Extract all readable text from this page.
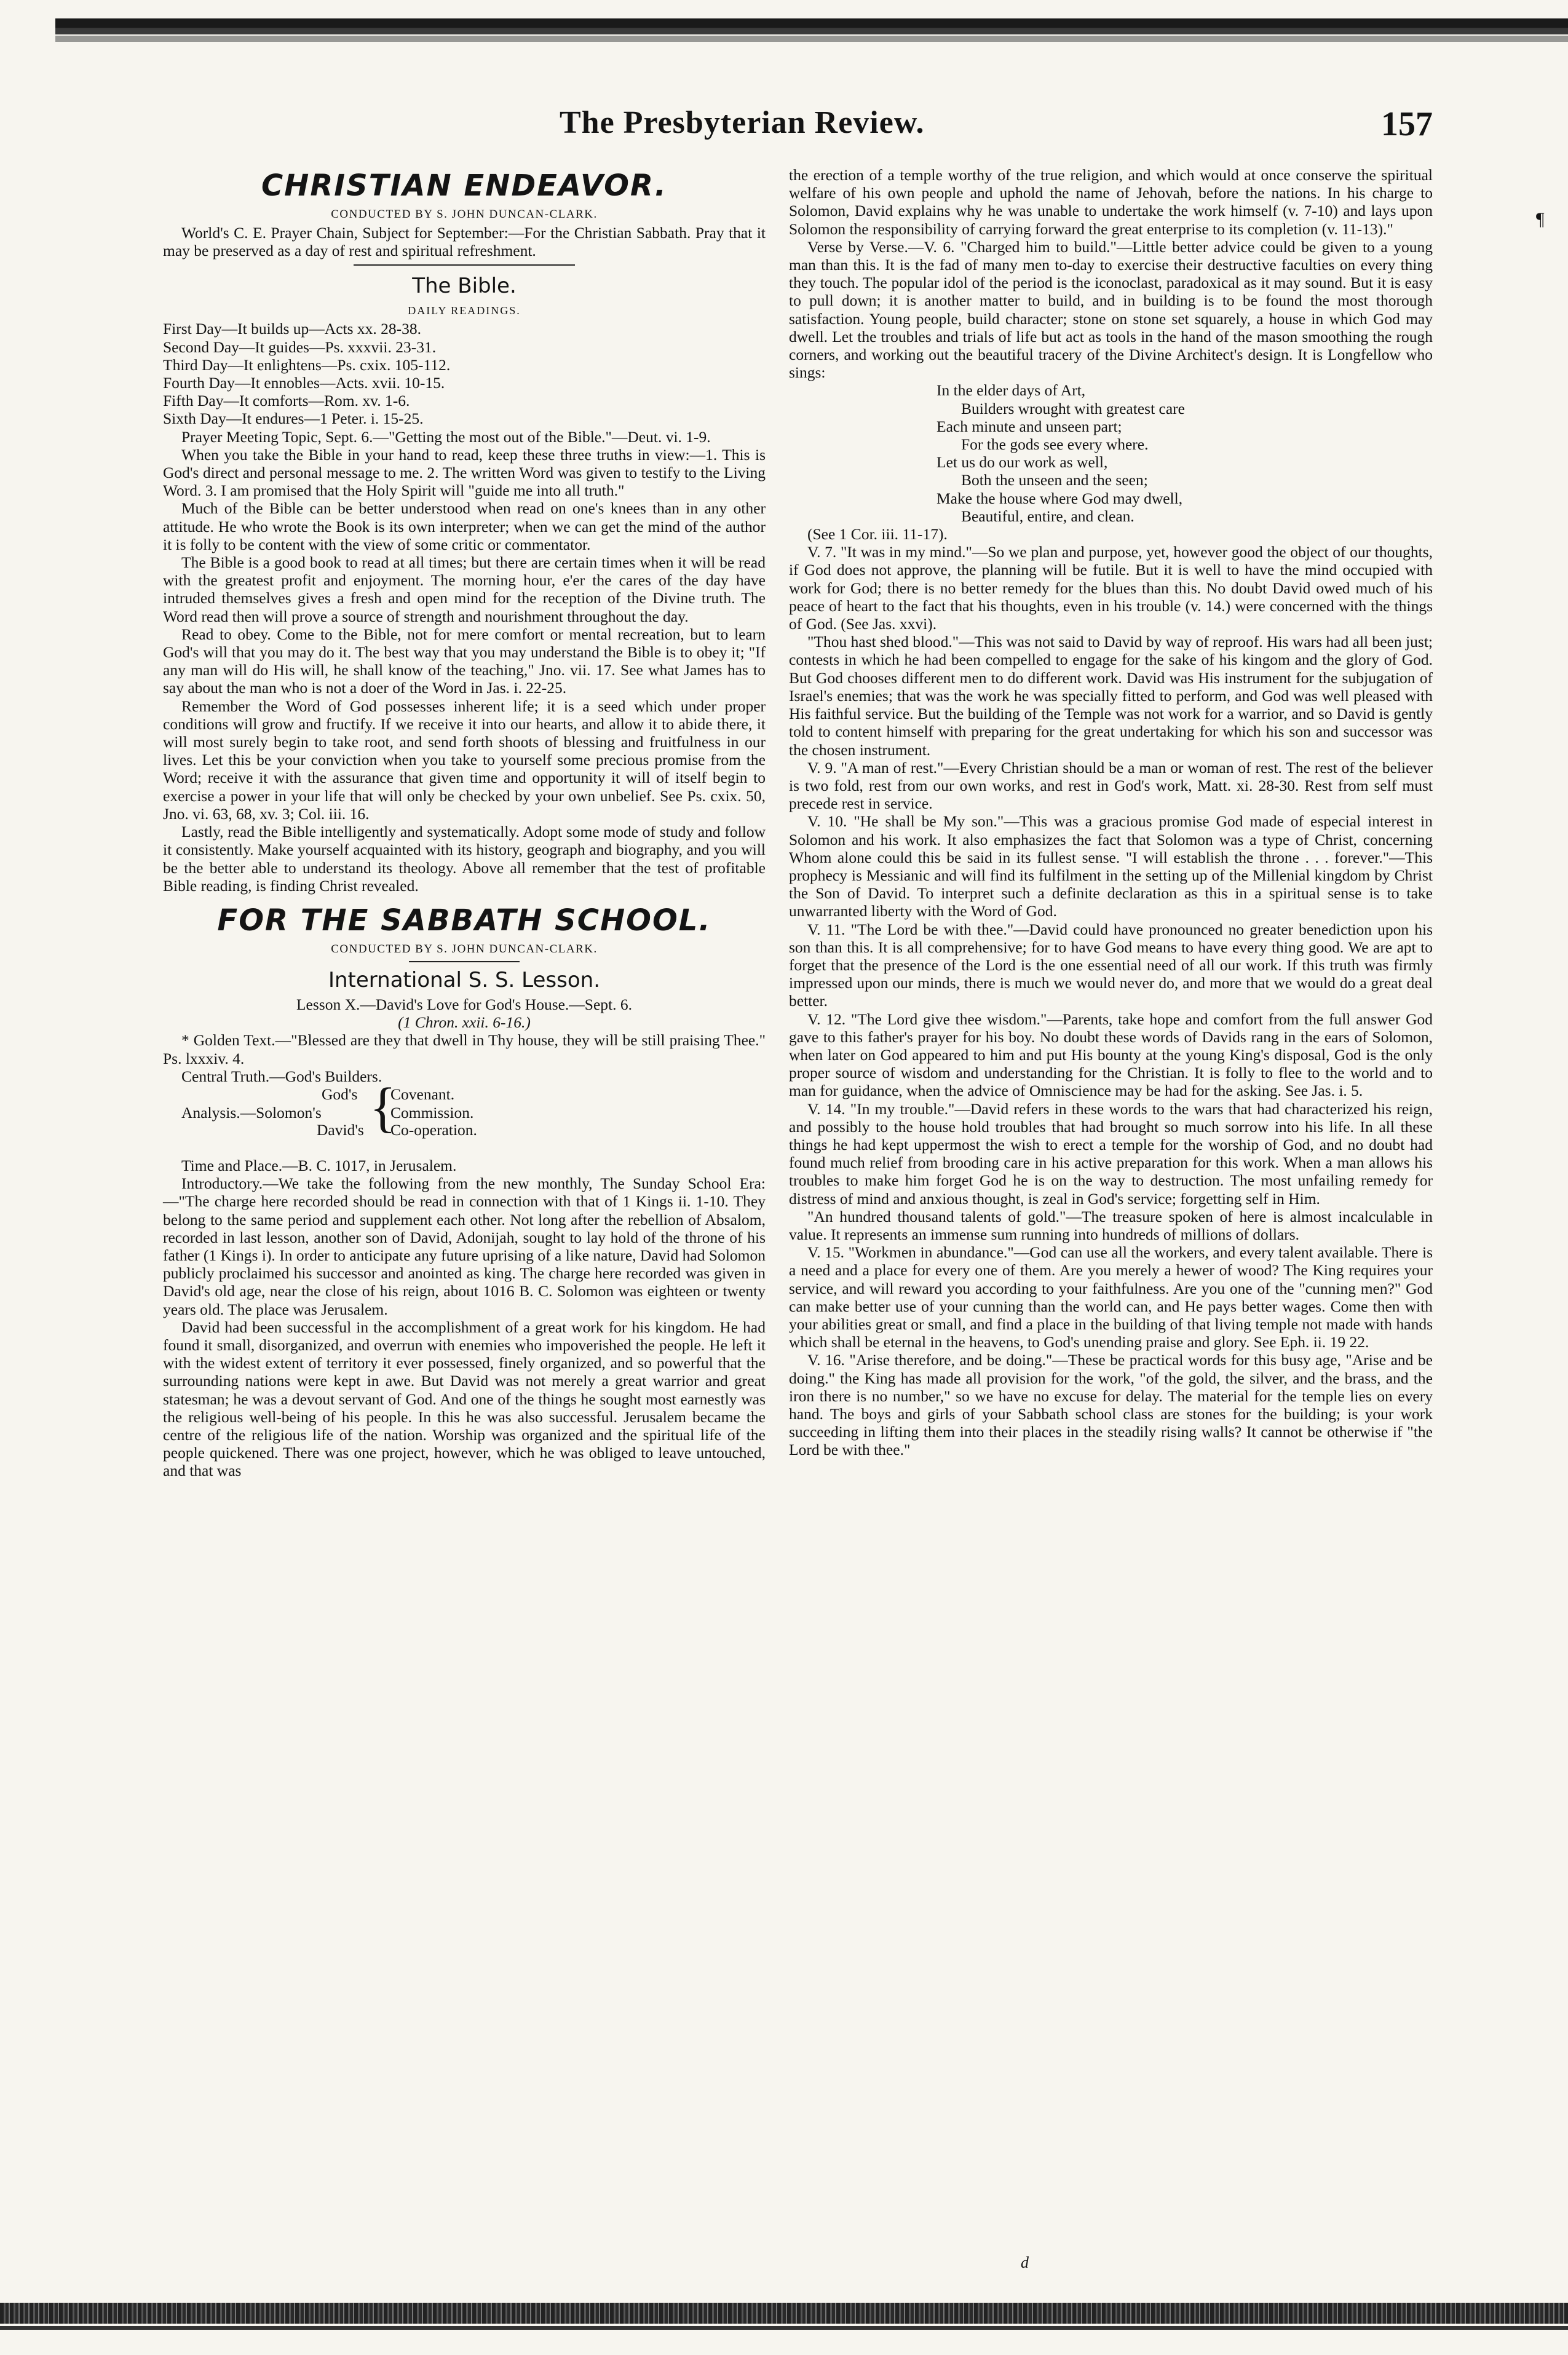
The Presbyterian Review.	157
¶
CHRISTIAN ENDEAVOR.
CONDUCTED BY S. JOHN DUNCAN-CLARK.

World's C. E. Prayer Chain, Subject for September:—For the Christian Sabbath. Pray that it may be preserved as a day of rest and spiritual refreshment.

The Bible.
DAILY READINGS.

First Day—It builds up—Acts xx. 28-38.

Second Day—It guides—Ps. xxxvii. 23-31.

Third Day—It enlightens—Ps. cxix. 105-112.

Fourth Day—It ennobles—Acts. xvii. 10-15.

Fifth Day—It comforts—Rom. xv. 1-6.

Sixth Day—It endures—1 Peter. i. 15-25.

Prayer Meeting Topic, Sept. 6.—"Getting the most out of the Bible."—Deut. vi. 1-9.

When you take the Bible in your hand to read, keep these three truths in view:—1. This is God's direct and personal message to me. 2. The written Word was given to testify to the Living Word. 3. I am promised that the Holy Spirit will "guide me into all truth."

Much of the Bible can be better understood when read on one's knees than in any other attitude. He who wrote the Book is its own interpreter; when we can get the mind of the author it is folly to be content with the view of some critic or commentator.

The Bible is a good book to read at all times; but there are certain times when it will be read with the greatest profit and enjoyment. The morning hour, e'er the cares of the day have intruded themselves gives a fresh and open mind for the reception of the Divine truth. The Word read then will prove a source of strength and nourishment throughout the day.

Read to obey. Come to the Bible, not for mere comfort or mental recreation, but to learn God's will that you may do it. The best way that you may understand the Bible is to obey it; "If any man will do His will, he shall know of the teaching," Jno. vii. 17. See what James has to say about the man who is not a doer of the Word in Jas. i. 22-25.

Remember the Word of God possesses inherent life; it is a seed which under proper conditions will grow and fructify. If we receive it into our hearts, and allow it to abide there, it will most surely begin to take root, and send forth shoots of blessing and fruitfulness in our lives. Let this be your conviction when you take to yourself some precious promise from the Word; receive it with the assurance that given time and opportunity it will of itself begin to exercise a power in your life that will only be checked by your own unbelief. See Ps. cxix. 50, Jno. vi. 63, 68, xv. 3; Col. iii. 16.

Lastly, read the Bible intelligently and systematically. Adopt some mode of study and follow it consistently. Make yourself acquainted with its history, geograph and biography, and you will be the better able to understand its theology. Above all remember that the test of profitable Bible reading, is finding Christ revealed.

FOR THE SABBATH SCHOOL.
CONDUCTED BY S. JOHN DUNCAN-CLARK.
International S. S. Lesson.

Lesson X.—David's Love for God's House.—Sept. 6.

(1 Chron. xxii. 6-16.)

* Golden Text.—"Blessed are they that dwell in Thy house, they will be still praising Thee." Ps. lxxxiv. 4.

Central Truth.—God's Builders.

God's
Analysis.—Solomon's
David's {
Covenant.
Commission.
Co-operation.

Time and Place.—B. C. 1017, in Jerusalem.

Introductory.—We take the following from the new monthly, The Sunday School Era:—"The charge here recorded should be read in connection with that of 1 Kings ii. 1-10. They belong to the same period and supplement each other. Not long after the rebellion of Absalom, recorded in last lesson, another son of David, Adonijah, sought to lay hold of the throne of his father (1 Kings i). In order to anticipate any future uprising of a like nature, David had Solomon publicly proclaimed his successor and anointed as king. The charge here recorded was given in David's old age, near the close of his reign, about 1016 B. C. Solomon was eighteen or twenty years old. The place was Jerusalem.

David had been successful in the accomplishment of a great work for his kingdom. He had found it small, disorganized, and overrun with enemies who impoverished the people. He left it with the widest extent of territory it ever possessed, finely organized, and so powerful that the surrounding nations were kept in awe. But David was not merely a great warrior and great statesman; he was a devout servant of God. And one of the things he sought most earnestly was the religious well-being of his people. In this he was also successful. Jerusalem became the centre of the religious life of the nation. Worship was organized and the spiritual life of the people quickened. There was one project, however, which he was obliged to leave untouched, and that was

the erection of a temple worthy of the true religion, and which would at once conserve the spiritual welfare of his own people and uphold the name of Jehovah, before the nations. In his charge to Solomon, David explains why he was unable to undertake the work himself (v. 7-10) and lays upon Solomon the responsibility of carrying forward the great enterprise to its completion (v. 11-13)."

Verse by Verse.—V. 6. "Charged him to build."—Little better advice could be given to a young man than this. It is the fad of many men to-day to exercise their destructive faculties on every thing they touch. The popular idol of the period is the iconoclast, paradoxical as it may sound. But it is easy to pull down; it is another matter to build, and in building is to be found the most thorough satisfaction. Young people, build character; stone on stone set squarely, a house in which God may dwell. Let the troubles and trials of life but act as tools in the hand of the mason smoothing the rough corners, and working out the beautiful tracery of the Divine Architect's design. It is Longfellow who sings:

In the elder days of Art,
Builders wrought with greatest care
Each minute and unseen part;
For the gods see every where.
Let us do our work as well,
Both the unseen and the seen;
Make the house where God may dwell,
Beautiful, entire, and clean.

(See 1 Cor. iii. 11-17).

V. 7. "It was in my mind."—So we plan and purpose, yet, however good the object of our thoughts, if God does not approve, the planning will be futile. But it is well to have the mind occupied with work for God; there is no better remedy for the blues than this. No doubt David owed much of his peace of heart to the fact that his thoughts, even in his trouble (v. 14.) were concerned with the things of God. (See Jas. xxvi).

"Thou hast shed blood."—This was not said to David by way of reproof. His wars had all been just; contests in which he had been compelled to engage for the sake of his kingom and the glory of God. But God chooses different men to do different work. David was His instrument for the subjugation of Israel's enemies; that was the work he was specially fitted to perform, and God was well pleased with His faithful service. But the building of the Temple was not work for a warrior, and so David is gently told to content himself with preparing for the great undertaking for which his son and successor was the chosen instrument.

V. 9. "A man of rest."—Every Christian should be a man or woman of rest. The rest of the believer is two fold, rest from our own works, and rest in God's work, Matt. xi. 28-30. Rest from self must precede rest in service.

V. 10. "He shall be My son."—This was a gracious promise God made of especial interest in Solomon and his work. It also emphasizes the fact that Solomon was a type of Christ, concerning Whom alone could this be said in its fullest sense. "I will establish the throne . . . forever."—This prophecy is Messianic and will find its fulfilment in the setting up of the Millenial kingdom by Christ the Son of David. To interpret such a definite declaration as this in a spiritual sense is to take unwarranted liberty with the Word of God.

V. 11. "The Lord be with thee."—David could have pronounced no greater benediction upon his son than this. It is all comprehensive; for to have God means to have every thing good. We are apt to forget that the presence of the Lord is the one essential need of all our work. If this truth was firmly impressed upon our minds, there is much we would never do, and more that we would do a great deal better.

V. 12. "The Lord give thee wisdom."—Parents, take hope and comfort from the full answer God gave to this father's prayer for his boy. No doubt these words of Davids rang in the ears of Solomon, when later on God appeared to him and put His bounty at the young King's disposal, God is the only proper source of wisdom and understanding for the Christian. It is folly to flee to the world and to man for guidance, when the advice of Omniscience may be had for the asking. See Jas. i. 5.

V. 14. "In my trouble."—David refers in these words to the wars that had characterized his reign, and possibly to the house hold troubles that had brought so much sorrow into his life. In all these things he had kept uppermost the wish to erect a temple for the worship of God, and no doubt had found much relief from brooding care in his active preparation for this work. When a man allows his troubles to make him forget God he is on the way to destruction. The most unfailing remedy for distress of mind and anxious thought, is zeal in God's service; forgetting self in Him.

"An hundred thousand talents of gold."—The treasure spoken of here is almost incalculable in value. It represents an immense sum running into hundreds of millions of dollars.

V. 15. "Workmen in abundance."—God can use all the workers, and every talent available. There is a need and a place for every one of them. Are you merely a hewer of wood? The King requires your service, and will reward you according to your faithfulness. Are you one of the "cunning men?" God can make better use of your cunning than the world can, and He pays better wages. Come then with your abilities great or small, and find a place in the building of that living temple not made with hands which shall be eternal in the heavens, to God's unending praise and glory. See Eph. ii. 19 22.

V. 16. "Arise therefore, and be doing."—These be practical words for this busy age, "Arise and be doing." the King has made all provision for the work, "of the gold, the silver, and the brass, and the iron there is no number," so we have no excuse for delay. The material for the temple lies on every hand. The boys and girls of your Sabbath school class are stones for the building; is your work succeeding in lifting them into their places in the steadily rising walls? It cannot be otherwise if "the Lord be with thee."

d
